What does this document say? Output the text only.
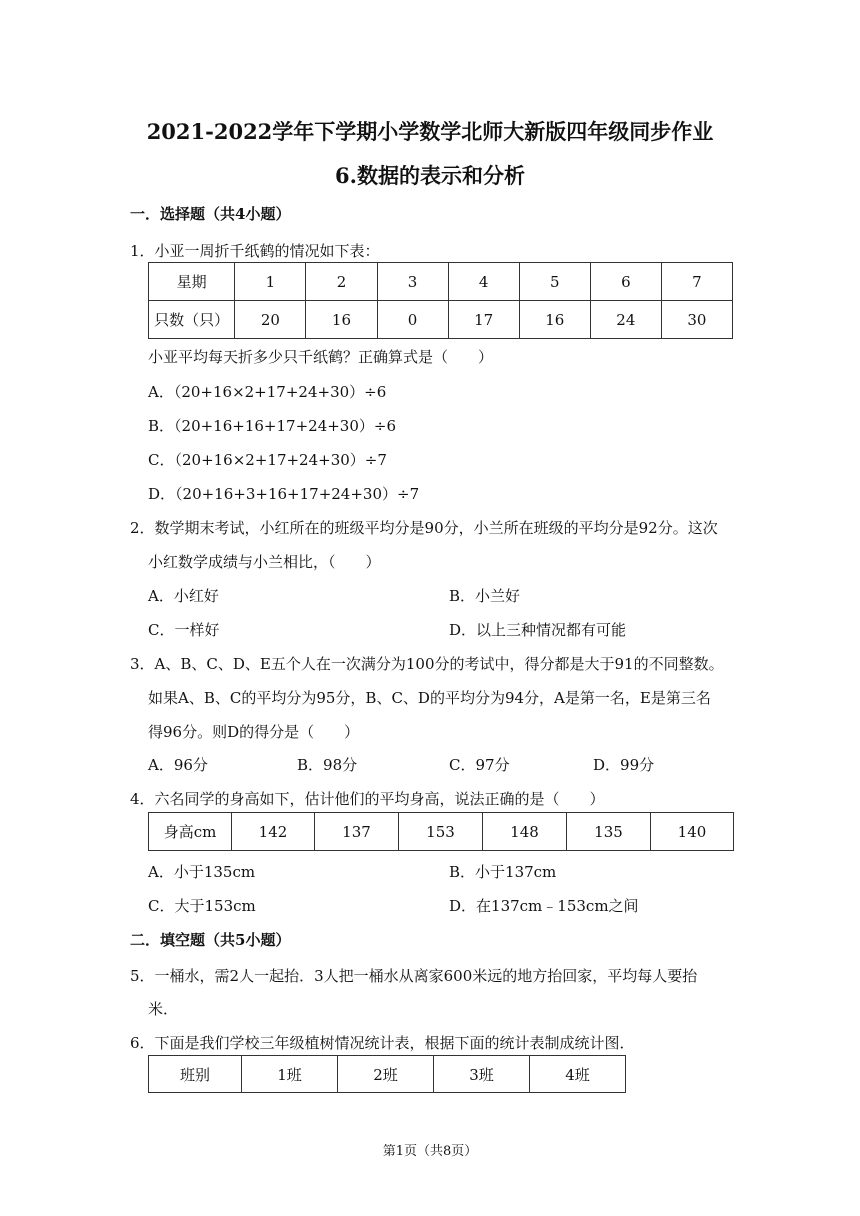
2021-2022学年下学期小学数学北师大新版四年级同步作业
6.数据的表示和分析
一．选择题（共4小题）
1．小亚一周折千纸鹤的情况如下表：
星期	1	2	3	4	5	6	7
只数（只）	20	16	0	17	16	24	30
小亚平均每天折多少只千纸鹤？正确算式是（　　）
A．（20+16×2+17+24+30）÷6
B．（20+16+16+17+24+30）÷6
C．（20+16×2+17+24+30）÷7
D．（20+16+3+16+17+24+30）÷7
2．数学期末考试，小红所在的班级平均分是90分，小兰所在班级的平均分是92分。这次
小红数学成绩与小兰相比，（　　）
A．小红好	B．小兰好
C．一样好	D．以上三种情况都有可能
3．A、B、C、D、E五个人在一次满分为100分的考试中，得分都是大于91的不同整数。
如果A、B、C的平均分为95分，B、C、D的平均分为94分，A是第一名，E是第三名
得96分。则D的得分是（　　）
A．96分	B．98分	C．97分	D．99分
4．六名同学的身高如下，估计他们的平均身高，说法正确的是（　　）
身高cm	142	137	153	148	135	140
A．小于135cm	B．小于137cm
C．大于153cm	D．在137cm﹣153cm之间
二．填空题（共5小题）
5．一桶水，需2人一起抬．3人把一桶水从离家600米远的地方抬回家，平均每人要抬
米．
6．下面是我们学校三年级植树情况统计表，根据下面的统计表制成统计图．
班别	1班	2班	3班	4班
第1页（共8页）
